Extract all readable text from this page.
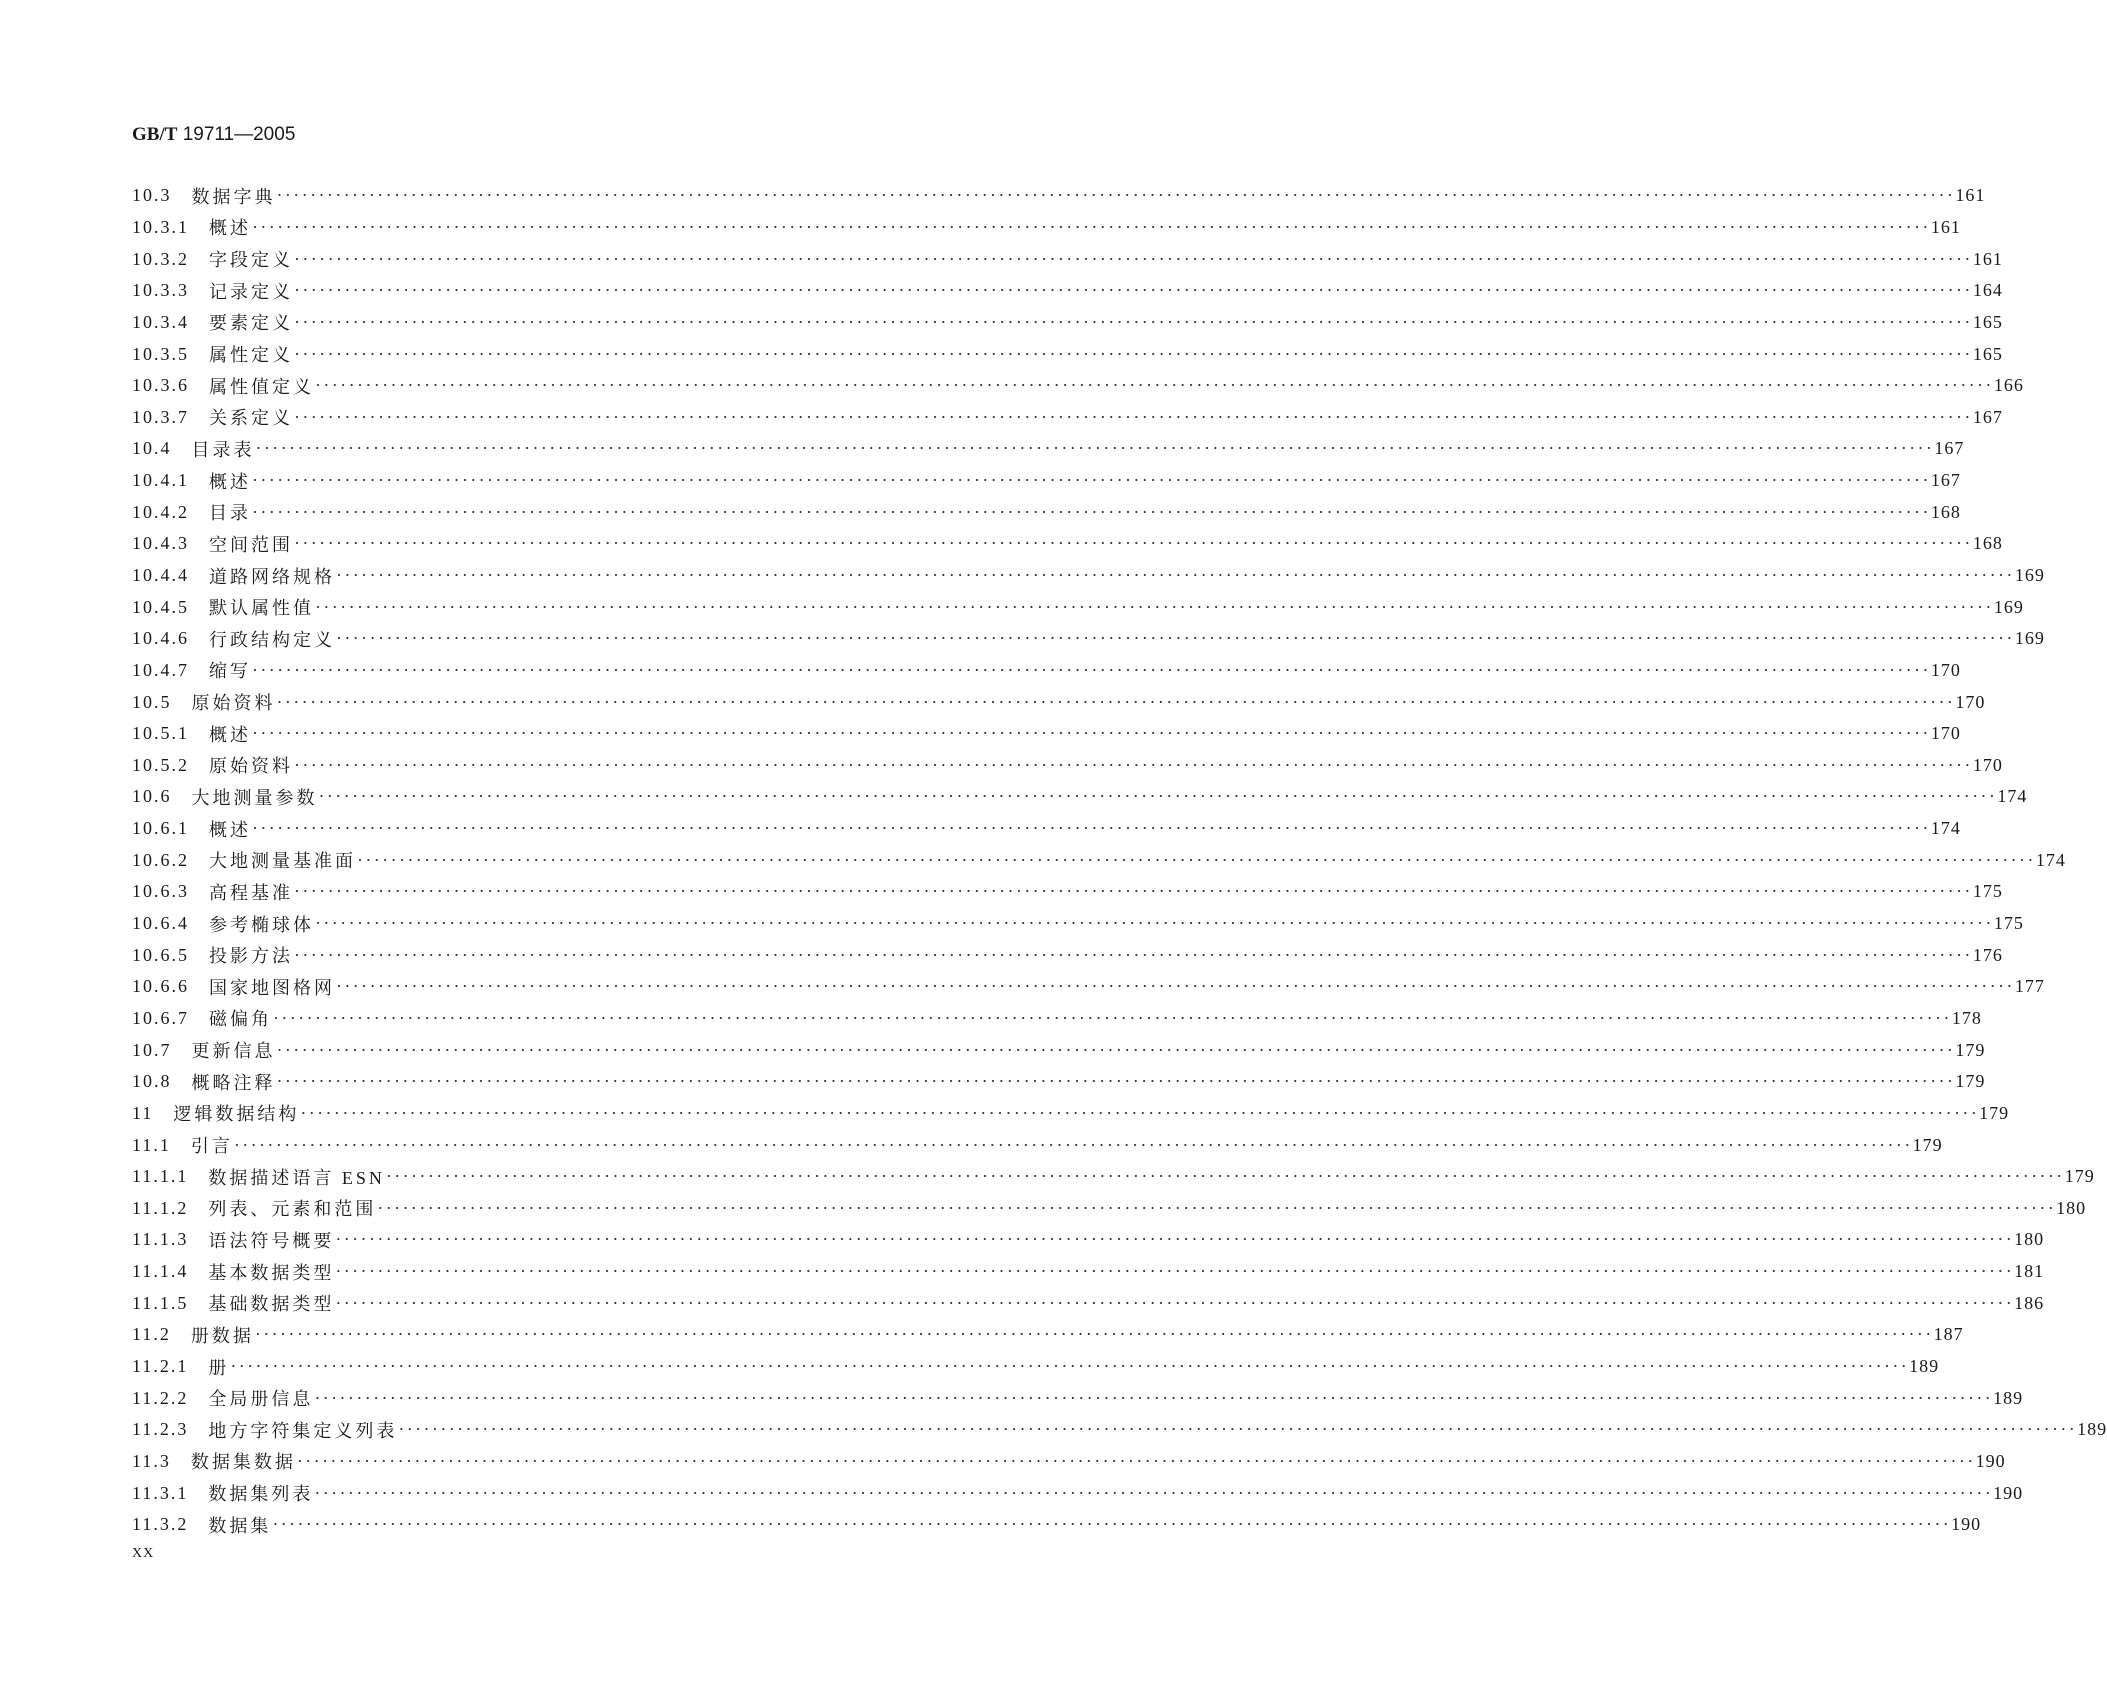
GB/T 19711—2005
10.3	数据字典 ········································································································································································································ 161
10.3.1	概述 ········································································································································································································ 161
10.3.2	字段定义 ········································································································································································································ 161
10.3.3	记录定义 ········································································································································································································ 164
10.3.4	要素定义 ········································································································································································································ 165
10.3.5	属性定义 ········································································································································································································ 165
10.3.6	属性值定义 ········································································································································································································ 166
10.3.7	关系定义 ········································································································································································································ 167
10.4	目录表 ········································································································································································································ 167
10.4.1	概述 ········································································································································································································ 167
10.4.2	目录 ········································································································································································································ 168
10.4.3	空间范围 ········································································································································································································ 168
10.4.4	道路网络规格 ········································································································································································································ 169
10.4.5	默认属性值 ········································································································································································································ 169
10.4.6	行政结构定义 ········································································································································································································ 169
10.4.7	缩写 ········································································································································································································ 170
10.5	原始资料 ········································································································································································································ 170
10.5.1	概述 ········································································································································································································ 170
10.5.2	原始资料 ········································································································································································································ 170
10.6	大地测量参数 ········································································································································································································ 174
10.6.1	概述 ········································································································································································································ 174
10.6.2	大地测量基准面 ········································································································································································································ 174
10.6.3	高程基准 ········································································································································································································ 175
10.6.4	参考椭球体 ········································································································································································································ 175
10.6.5	投影方法 ········································································································································································································ 176
10.6.6	国家地图格网 ········································································································································································································ 177
10.6.7	磁偏角 ········································································································································································································ 178
10.7	更新信息 ········································································································································································································ 179
10.8	概略注释 ········································································································································································································ 179
11	逻辑数据结构 ········································································································································································································ 179
11.1	引言 ········································································································································································································ 179
11.1.1	数据描述语言 ESN ········································································································································································································ 179
11.1.2	列表、元素和范围 ········································································································································································································ 180
11.1.3	语法符号概要 ········································································································································································································ 180
11.1.4	基本数据类型 ········································································································································································································ 181
11.1.5	基础数据类型 ········································································································································································································ 186
11.2	册数据 ········································································································································································································ 187
11.2.1	册 ········································································································································································································ 189
11.2.2	全局册信息 ········································································································································································································ 189
11.2.3	地方字符集定义列表 ········································································································································································································ 189
11.3	数据集数据 ········································································································································································································ 190
11.3.1	数据集列表 ········································································································································································································ 190
11.3.2	数据集 ········································································································································································································ 190
XX
